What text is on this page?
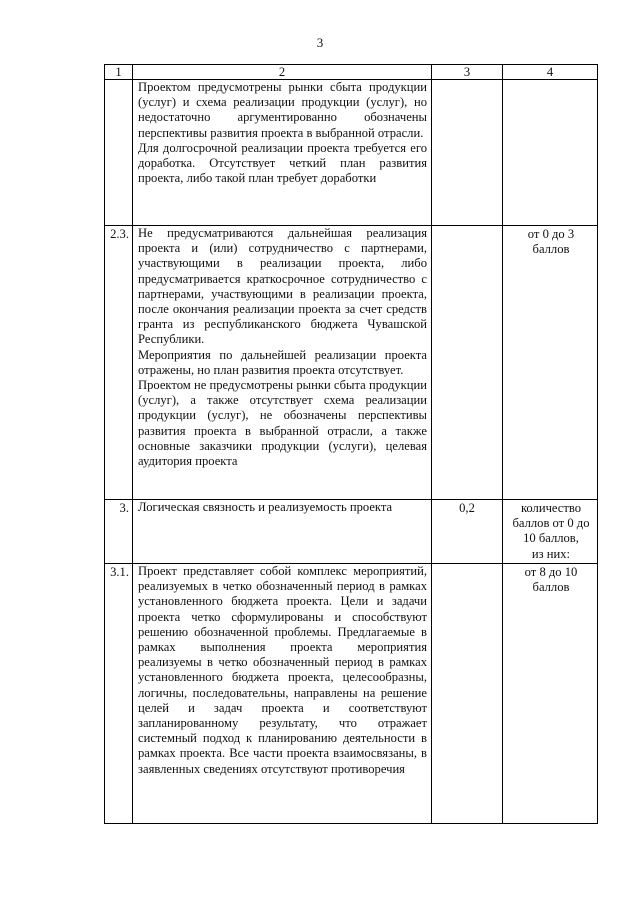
3
1	2	3	4

	Проектом предусмотрены рынки сбыта продукции (услуг) и схема реализации продукции (услуг), но недостаточно аргументированно обозначены перспективы развития проекта в выбранной отрасли.

Для долгосрочной реализации проекта требуется его доработка. Отсутствует четкий план развития проекта, либо такой план требует доработки		

2.3.	Не предусматриваются дальнейшая реализация проекта и (или) сотрудничество с партнерами, участвующими в реализации проекта, либо предусматривается краткосрочное сотрудничество с партнерами, участвующими в реализации проекта, после окончания реализации проекта за счет средств гранта из республиканского бюджета Чувашской Республики.

Мероприятия по дальнейшей реализации проекта отражены, но план развития проекта отсутствует.

Проектом не предусмотрены рынки сбыта продукции (услуг), а также отсутствует схема реализации продукции (услуг), не обозначены перспективы развития проекта в выбранной отрасли, а также основные заказчики продукции (услуги), целевая аудитория проекта		от 0 до 3 баллов

3.	Логическая связность и реализуемость проекта	0,2	количество баллов от 0 до 10 баллов,

из них:

3.1.	Проект представляет собой комплекс мероприятий, реализуемых в четко обозначенный период в рамках установленного бюджета проекта. Цели и задачи проекта четко сформулированы и способствуют решению обозначенной проблемы. Предлагаемые в рамках выполнения проекта мероприятия реализуемы в четко обозначенный период в рамках установленного бюджета проекта, целесообразны, логичны, последовательны, направлены на решение целей и задач проекта и соответствуют запланированному результату, что отражает системный подход к планированию деятельности в рамках проекта. Все части проекта взаимосвязаны, в заявленных сведениях отсутствуют противоречия		от 8 до 10 баллов
